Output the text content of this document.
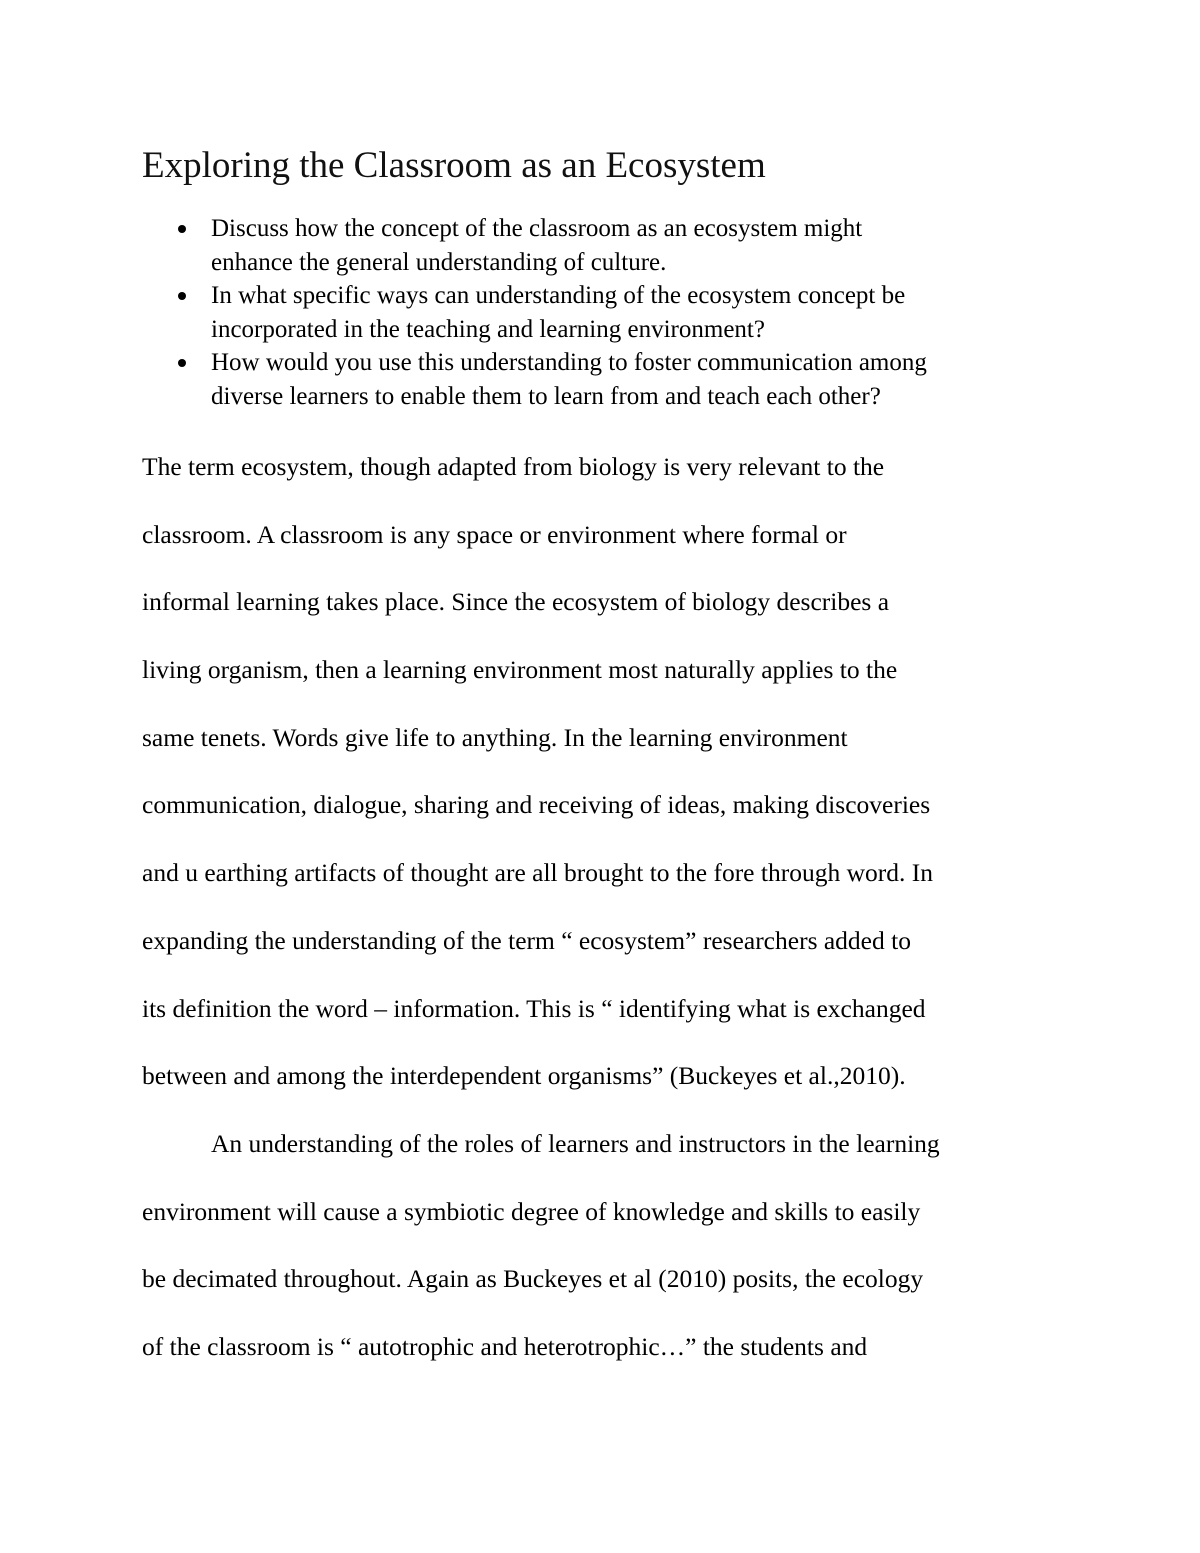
Exploring the Classroom as an Ecosystem
Discuss how the concept of the classroom as an ecosystem might
enhance the general understanding of culture.
In what specific ways can understanding of the ecosystem concept be
incorporated in the teaching and learning environment?
How would you use this understanding to foster communication among
diverse learners to enable them to learn from and teach each other?
The term ecosystem, though adapted from biology is very relevant to the
classroom. A classroom is any space or environment where formal or
informal learning takes place. Since the ecosystem of biology describes a
living organism, then a learning environment most naturally applies to the
same tenets. Words give life to anything. In the learning environment
communication, dialogue, sharing and receiving of ideas, making discoveries
and u earthing artifacts of thought are all brought to the fore through word. In
expanding the understanding of the term “ ecosystem” researchers added to
its definition the word – information. This is “ identifying what is exchanged
between and among the interdependent organisms” (Buckeyes et al.,2010).
An understanding of the roles of learners and instructors in the learning
environment will cause a symbiotic degree of knowledge and skills to easily
be decimated throughout. Again as Buckeyes et al (2010) posits, the ecology
of the classroom is “ autotrophic and heterotrophic…” the students and
